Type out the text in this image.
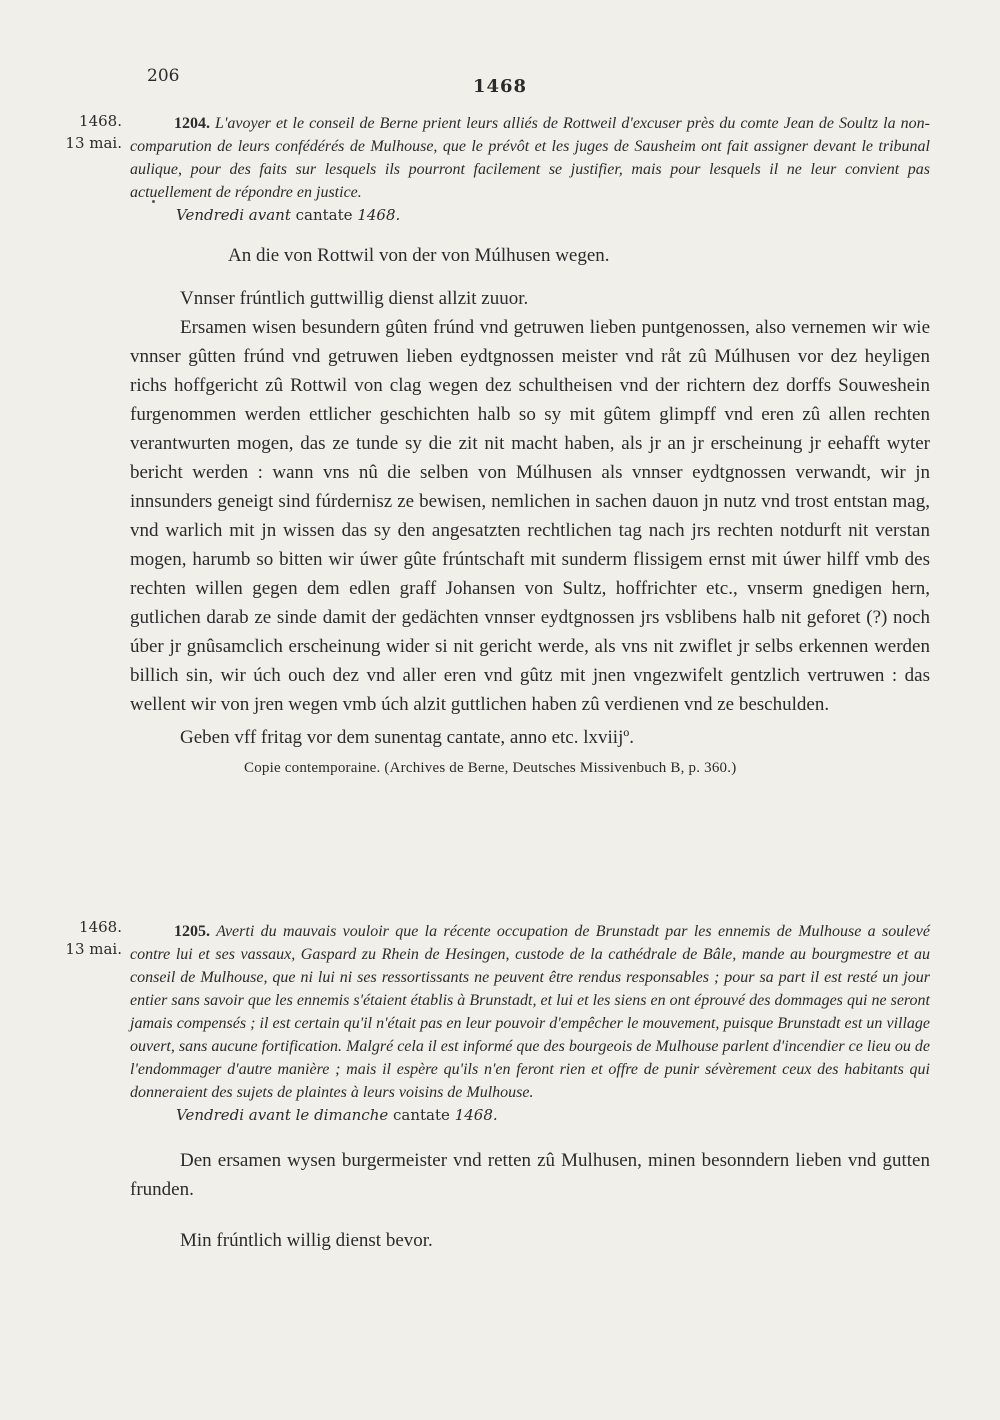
206	1468
1468.
13 mai.

1204. L'avoyer et le conseil de Berne prient leurs alliés de Rottweil d'excuser près du comte Jean de Soultz la non-comparution de leurs confédérés de Mulhouse, que le prévôt et les juges de Sausheim ont fait assigner devant le tribunal aulique, pour des faits sur lesquels ils pourront facilement se justifier, mais pour lesquels il ne leur convient pas actuellement de répondre en justice.

Vendredi avant cantate 1468.

An die von Rottwil von der von Múlhusen wegen.

Vnnser frúntlich guttwillig dienst allzit zuuor.

Ersamen wisen besundern gûten frúnd vnd getruwen lieben puntgenossen, also vernemen wir wie vnnser gûtten frúnd vnd getruwen lieben eydtgnossen meister vnd råt zû Múlhusen vor dez heyligen richs hoffgericht zû Rottwil von clag wegen dez schultheisen vnd der richtern dez dorffs Souweshein furgenommen werden ettlicher geschichten halb so sy mit gûtem glimpff vnd eren zû allen rechten verantwurten mogen, das ze tunde sy die zit nit macht haben, als jr an jr erscheinung jr eehafft wyter bericht werden : wann vns nû die selben von Múlhusen als vnnser eydtgnossen verwandt, wir jn innsunders geneigt sind fúrdernisz ze bewisen, nemlichen in sachen dauon jn nutz vnd trost entstan mag, vnd warlich mit jn wissen das sy den angesatzten rechtlichen tag nach jrs rechten notdurft nit verstan mogen, harumb so bitten wir úwer gûte frúntschaft mit sunderm flissigem ernst mit úwer hilff vmb des rechten willen gegen dem edlen graff Johansen von Sultz, hoffrichter etc., vnserm gnedigen hern, gutlichen darab ze sinde damit der gedächten vnnser eydtgnossen jrs vsblibens halb nit geforet (?) noch úber jr gnûsamclich erscheinung wider si nit gericht werde, als vns nit zwiflet jr selbs erkennen werden billich sin, wir úch ouch dez vnd aller eren vnd gûtz mit jnen vngezwifelt gentzlich vertruwen : das wellent wir von jren wegen vmb úch alzit guttlichen haben zû verdienen vnd ze beschulden.

Geben vff fritag vor dem sunentag cantate, anno etc. lxviijº.

Copie contemporaine. (Archives de Berne, Deutsches Missivenbuch B, p. 360.)

1468.
13 mai.

1205. Averti du mauvais vouloir que la récente occupation de Brunstadt par les ennemis de Mulhouse a soulevé contre lui et ses vassaux, Gaspard zu Rhein de Hesingen, custode de la cathédrale de Bâle, mande au bourgmestre et au conseil de Mulhouse, que ni lui ni ses ressortissants ne peuvent être rendus responsables ; pour sa part il est resté un jour entier sans savoir que les ennemis s'étaient établis à Brunstadt, et lui et les siens en ont éprouvé des dommages qui ne seront jamais compensés ; il est certain qu'il n'était pas en leur pouvoir d'empêcher le mouvement, puisque Brunstadt est un village ouvert, sans aucune fortification. Malgré cela il est informé que des bourgeois de Mulhouse parlent d'incendier ce lieu ou de l'endommager d'autre manière ; mais il espère qu'ils n'en feront rien et offre de punir sévèrement ceux des habitants qui donneraient des sujets de plaintes à leurs voisins de Mulhouse.

Vendredi avant le dimanche cantate 1468.

Den ersamen wysen burgermeister vnd retten zû Mulhusen, minen besonndern lieben vnd gutten frunden.

Min frúntlich willig dienst bevor.
